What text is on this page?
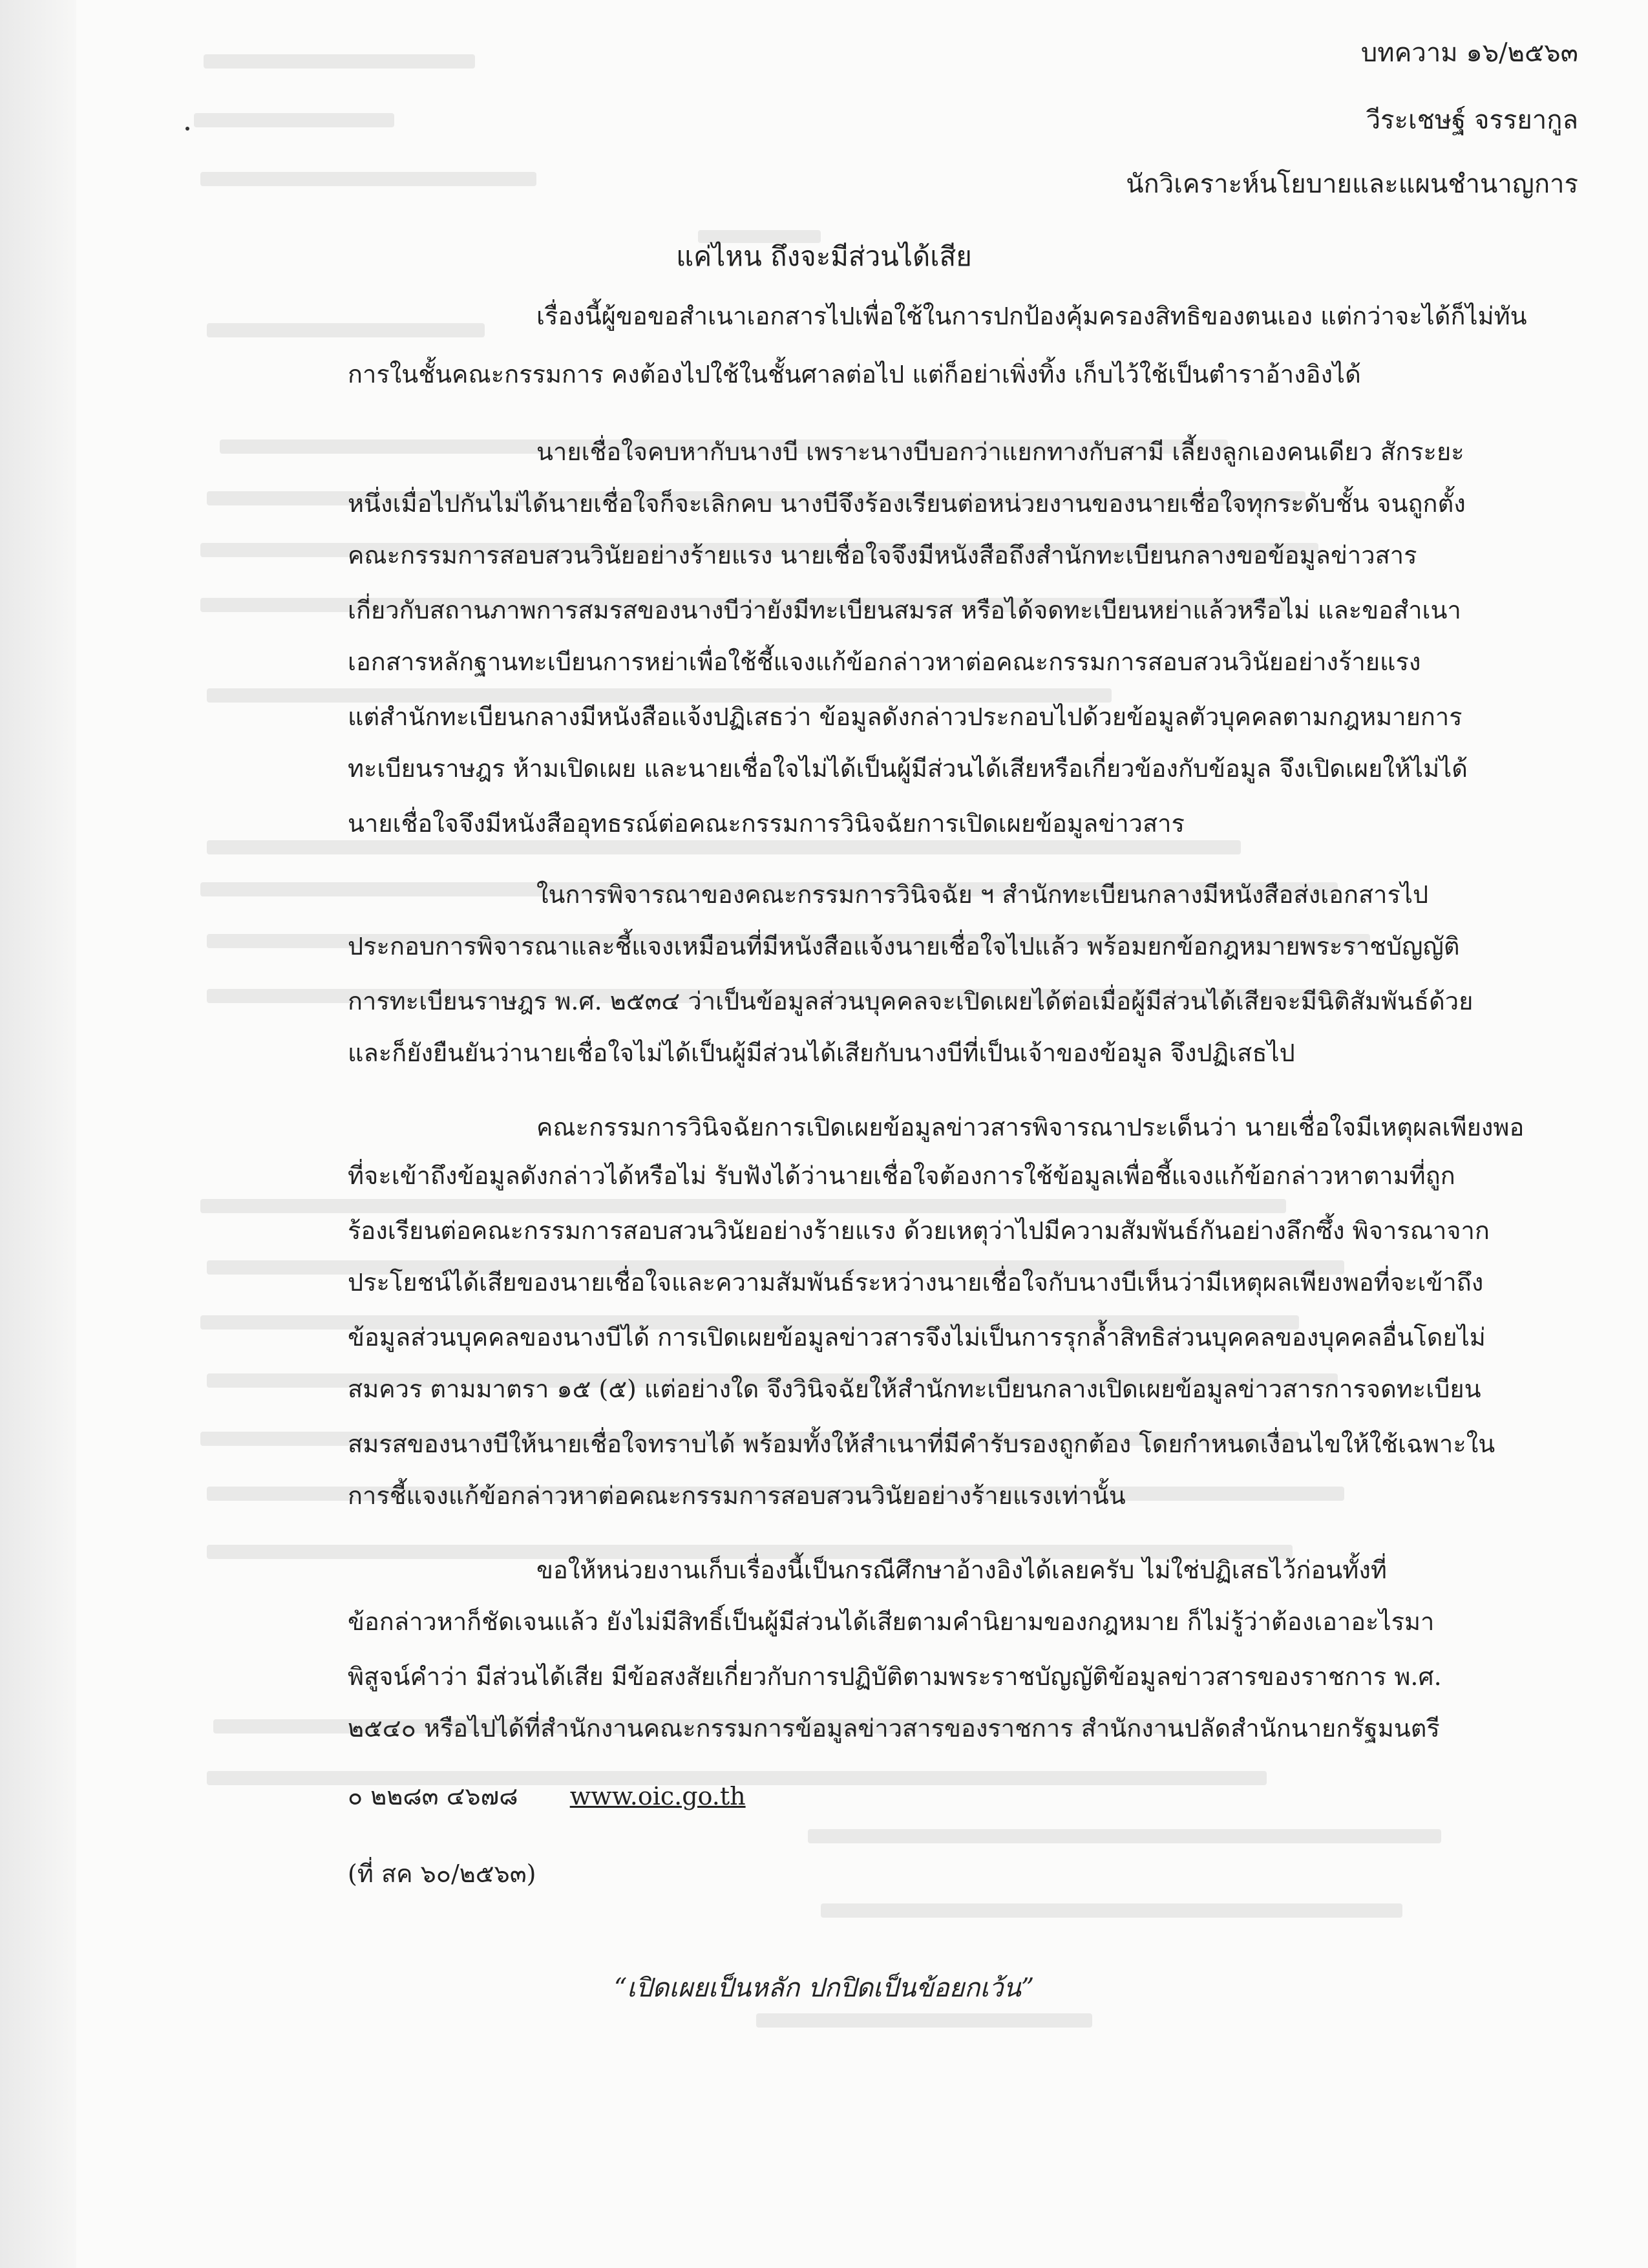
บทความ ๑๖/๒๕๖๓
วีระเชษฐ์ จรรยากูล
นักวิเคราะห์นโยบายและแผนชำนาญการ
แค่ไหน ถึงจะมีส่วนได้เสีย
เรื่องนี้ผู้ขอขอสำเนาเอกสารไปเพื่อใช้ในการปกป้องคุ้มครองสิทธิของตนเอง แต่กว่าจะได้ก็ไม่ทัน
การในชั้นคณะกรรมการ คงต้องไปใช้ในชั้นศาลต่อไป แต่ก็อย่าเพิ่งทิ้ง เก็บไว้ใช้เป็นตำราอ้างอิงได้
นายเชื่อใจคบหากับนางบี เพราะนางบีบอกว่าแยกทางกับสามี เลี้ยงลูกเองคนเดียว สักระยะ
หนึ่งเมื่อไปกันไม่ได้นายเชื่อใจก็จะเลิกคบ นางบีจึงร้องเรียนต่อหน่วยงานของนายเชื่อใจทุกระดับชั้น จนถูกตั้ง
คณะกรรมการสอบสวนวินัยอย่างร้ายแรง นายเชื่อใจจึงมีหนังสือถึงสำนักทะเบียนกลางขอข้อมูลข่าวสาร
เกี่ยวกับสถานภาพการสมรสของนางบีว่ายังมีทะเบียนสมรส หรือได้จดทะเบียนหย่าแล้วหรือไม่ และขอสำเนา
เอกสารหลักฐานทะเบียนการหย่าเพื่อใช้ชี้แจงแก้ข้อกล่าวหาต่อคณะกรรมการสอบสวนวินัยอย่างร้ายแรง
แต่สำนักทะเบียนกลางมีหนังสือแจ้งปฏิเสธว่า ข้อมูลดังกล่าวประกอบไปด้วยข้อมูลตัวบุคคลตามกฎหมายการ
ทะเบียนราษฎร ห้ามเปิดเผย และนายเชื่อใจไม่ได้เป็นผู้มีส่วนได้เสียหรือเกี่ยวข้องกับข้อมูล จึงเปิดเผยให้ไม่ได้
นายเชื่อใจจึงมีหนังสืออุทธรณ์ต่อคณะกรรมการวินิจฉัยการเปิดเผยข้อมูลข่าวสาร
ในการพิจารณาของคณะกรรมการวินิจฉัย ฯ สำนักทะเบียนกลางมีหนังสือส่งเอกสารไป
ประกอบการพิจารณาและชี้แจงเหมือนที่มีหนังสือแจ้งนายเชื่อใจไปแล้ว พร้อมยกข้อกฎหมายพระราชบัญญัติ
การทะเบียนราษฎร พ.ศ. ๒๕๓๔ ว่าเป็นข้อมูลส่วนบุคคลจะเปิดเผยได้ต่อเมื่อผู้มีส่วนได้เสียจะมีนิติสัมพันธ์ด้วย
และก็ยังยืนยันว่านายเชื่อใจไม่ได้เป็นผู้มีส่วนได้เสียกับนางบีที่เป็นเจ้าของข้อมูล จึงปฏิเสธไป
คณะกรรมการวินิจฉัยการเปิดเผยข้อมูลข่าวสารพิจารณาประเด็นว่า นายเชื่อใจมีเหตุผลเพียงพอ
ที่จะเข้าถึงข้อมูลดังกล่าวได้หรือไม่ รับฟังได้ว่านายเชื่อใจต้องการใช้ข้อมูลเพื่อชี้แจงแก้ข้อกล่าวหาตามที่ถูก
ร้องเรียนต่อคณะกรรมการสอบสวนวินัยอย่างร้ายแรง ด้วยเหตุว่าไปมีความสัมพันธ์กันอย่างลึกซึ้ง พิจารณาจาก
ประโยชน์ได้เสียของนายเชื่อใจและความสัมพันธ์ระหว่างนายเชื่อใจกับนางบีเห็นว่ามีเหตุผลเพียงพอที่จะเข้าถึง
ข้อมูลส่วนบุคคลของนางบีได้ การเปิดเผยข้อมูลข่าวสารจึงไม่เป็นการรุกล้ำสิทธิส่วนบุคคลของบุคคลอื่นโดยไม่
สมควร ตามมาตรา ๑๕ (๕) แต่อย่างใด จึงวินิจฉัยให้สำนักทะเบียนกลางเปิดเผยข้อมูลข่าวสารการจดทะเบียน
สมรสของนางบีให้นายเชื่อใจทราบได้ พร้อมทั้งให้สำเนาที่มีคำรับรองถูกต้อง โดยกำหนดเงื่อนไขให้ใช้เฉพาะใน
การชี้แจงแก้ข้อกล่าวหาต่อคณะกรรมการสอบสวนวินัยอย่างร้ายแรงเท่านั้น
ขอให้หน่วยงานเก็บเรื่องนี้เป็นกรณีศึกษาอ้างอิงได้เลยครับ ไม่ใช่ปฏิเสธไว้ก่อนทั้งที่
ข้อกล่าวหาก็ชัดเจนแล้ว ยังไม่มีสิทธิ์เป็นผู้มีส่วนได้เสียตามคำนิยามของกฎหมาย ก็ไม่รู้ว่าต้องเอาอะไรมา
พิสูจน์คำว่า มีส่วนได้เสีย มีข้อสงสัยเกี่ยวกับการปฏิบัติตามพระราชบัญญัติข้อมูลข่าวสารของราชการ พ.ศ.
๒๕๔๐ หรือไปได้ที่สำนักงานคณะกรรมการข้อมูลข่าวสารของราชการ สำนักงานปลัดสำนักนายกรัฐมนตรี
๐ ๒๒๘๓ ๔๖๗๘ www.oic.go.th
(ที่ สค ๖๐/๒๕๖๓)
“เปิดเผยเป็นหลัก ปกปิดเป็นข้อยกเว้น”
